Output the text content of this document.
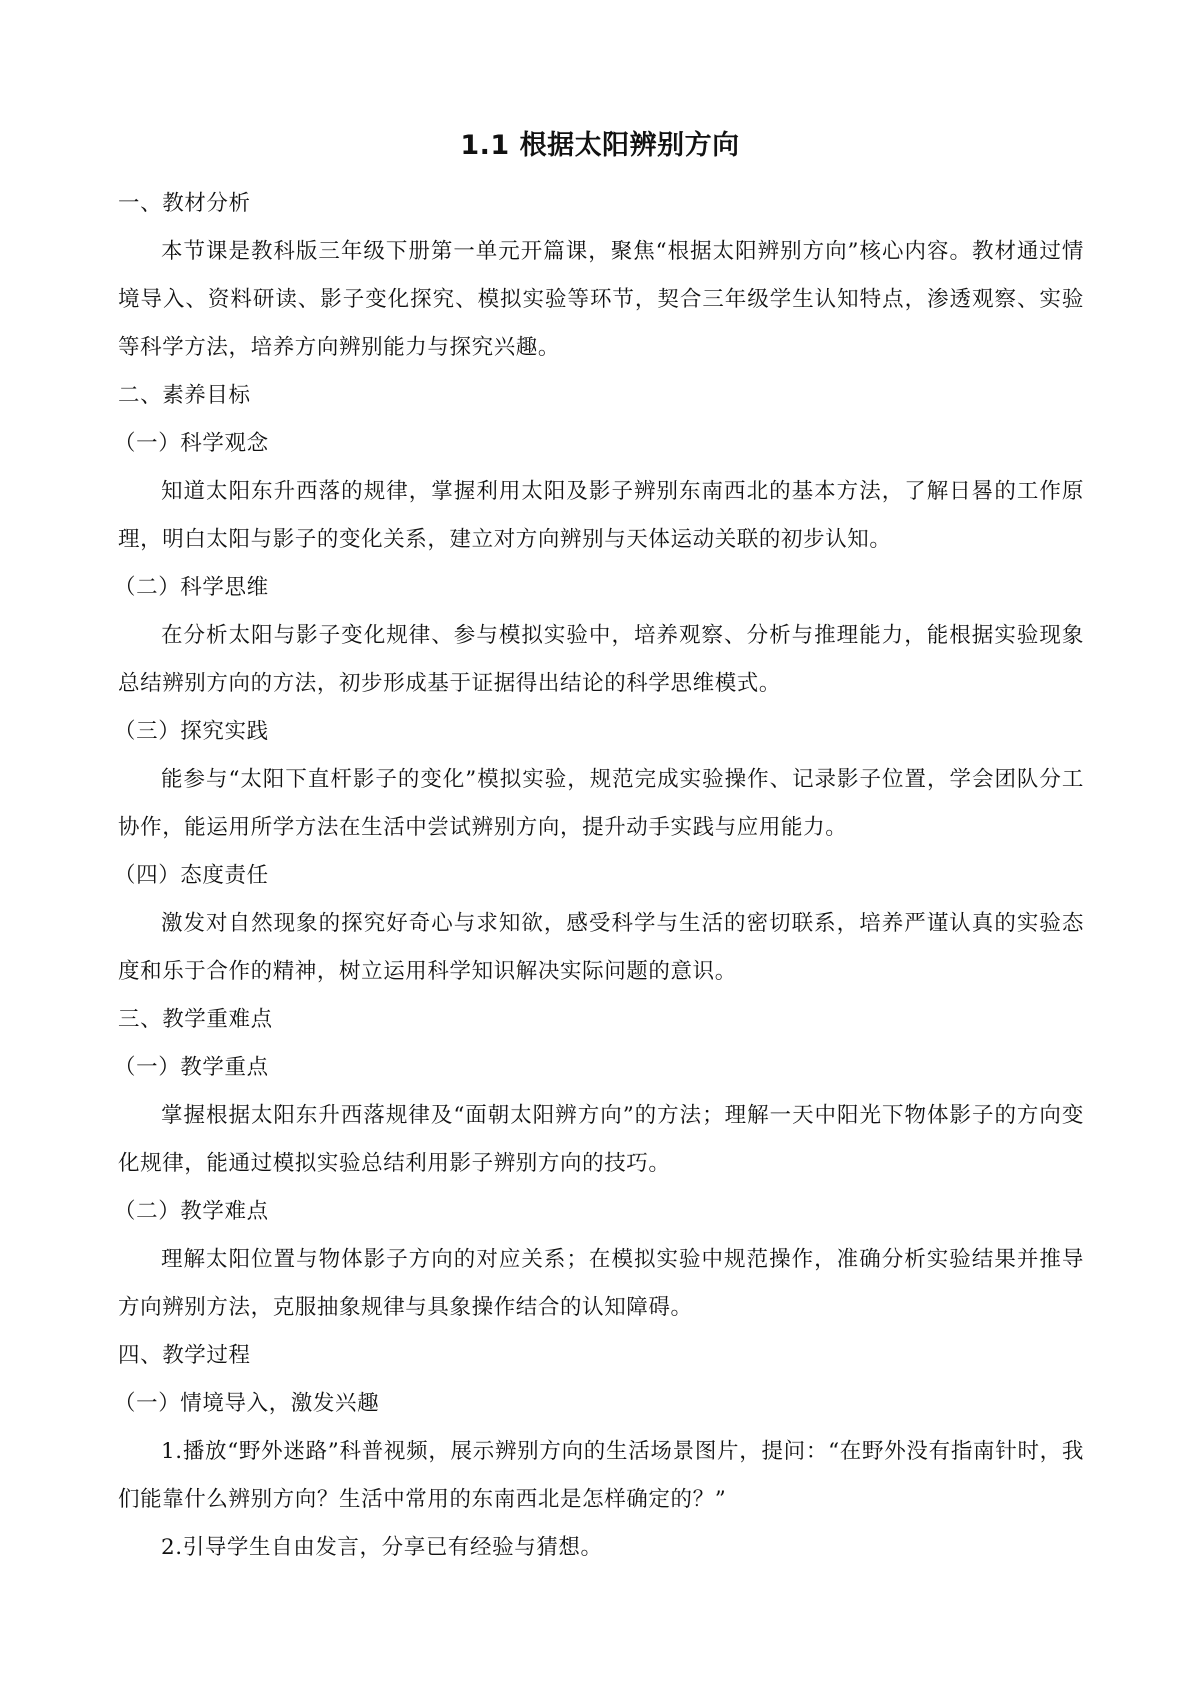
1.1 根据太阳辨别方向

一、教材分析

本节课是教科版三年级下册第一单元开篇课，聚焦“根据太阳辨别方向”核心内容。教材通过情境导入、资料研读、影子变化探究、模拟实验等环节，契合三年级学生认知特点，渗透观察、实验等科学方法，培养方向辨别能力与探究兴趣。

二、素养目标

（一）科学观念

知道太阳东升西落的规律，掌握利用太阳及影子辨别东南西北的基本方法，了解日晷的工作原理，明白太阳与影子的变化关系，建立对方向辨别与天体运动关联的初步认知。

（二）科学思维

在分析太阳与影子变化规律、参与模拟实验中，培养观察、分析与推理能力，能根据实验现象总结辨别方向的方法，初步形成基于证据得出结论的科学思维模式。

（三）探究实践

能参与“太阳下直杆影子的变化”模拟实验，规范完成实验操作、记录影子位置，学会团队分工协作，能运用所学方法在生活中尝试辨别方向，提升动手实践与应用能力。

（四）态度责任

激发对自然现象的探究好奇心与求知欲，感受科学与生活的密切联系，培养严谨认真的实验态度和乐于合作的精神，树立运用科学知识解决实际问题的意识。

三、教学重难点

（一）教学重点

掌握根据太阳东升西落规律及“面朝太阳辨方向”的方法；理解一天中阳光下物体影子的方向变化规律，能通过模拟实验总结利用影子辨别方向的技巧。

（二）教学难点

理解太阳位置与物体影子方向的对应关系；在模拟实验中规范操作，准确分析实验结果并推导方向辨别方法，克服抽象规律与具象操作结合的认知障碍。

四、教学过程

（一）情境导入，激发兴趣

1.播放“野外迷路”科普视频，展示辨别方向的生活场景图片，提问：“在野外没有指南针时，我们能靠什么辨别方向？生活中常用的东南西北是怎样确定的？”

2.引导学生自由发言，分享已有经验与猜想。
